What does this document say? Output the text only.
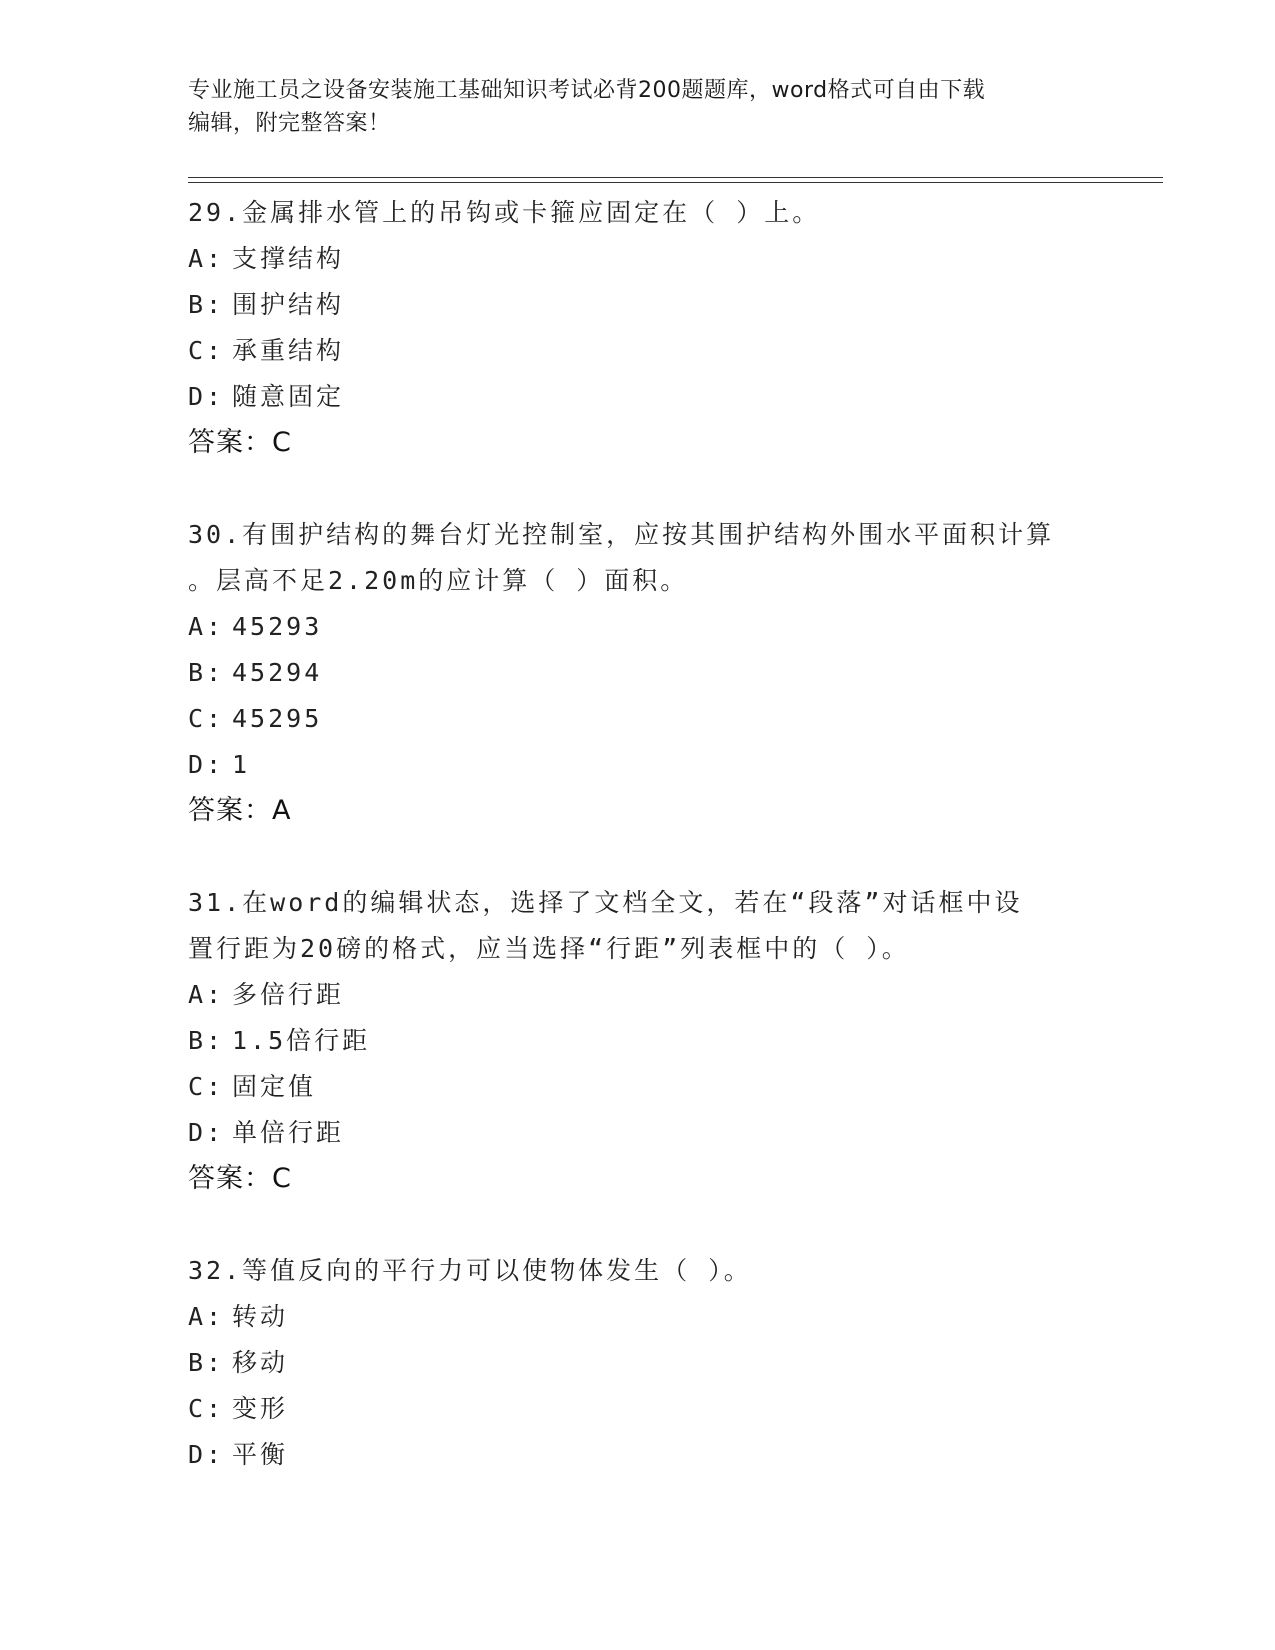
专业施工员之设备安装施工基础知识考试必背200题题库，word格式可自由下载
编辑，附完整答案！
29.金属排水管上的吊钩或卡箍应固定在（ ）上。
A: 支撑结构
B: 围护结构
C: 承重结构
D: 随意固定
答案：C
30.有围护结构的舞台灯光控制室，应按其围护结构外围水平面积计算
。层高不足2.20m的应计算（ ）面积。
A: 45293
B: 45294
C: 45295
D: 1
答案：A
31.在word的编辑状态，选择了文档全文，若在“段落”对话框中设
置行距为20磅的格式，应当选择“行距”列表框中的（ ）。
A: 多倍行距
B: 1.5倍行距
C: 固定值
D: 单倍行距
答案：C
32.等值反向的平行力可以使物体发生（ ）。
A: 转动
B: 移动
C: 变形
D: 平衡
